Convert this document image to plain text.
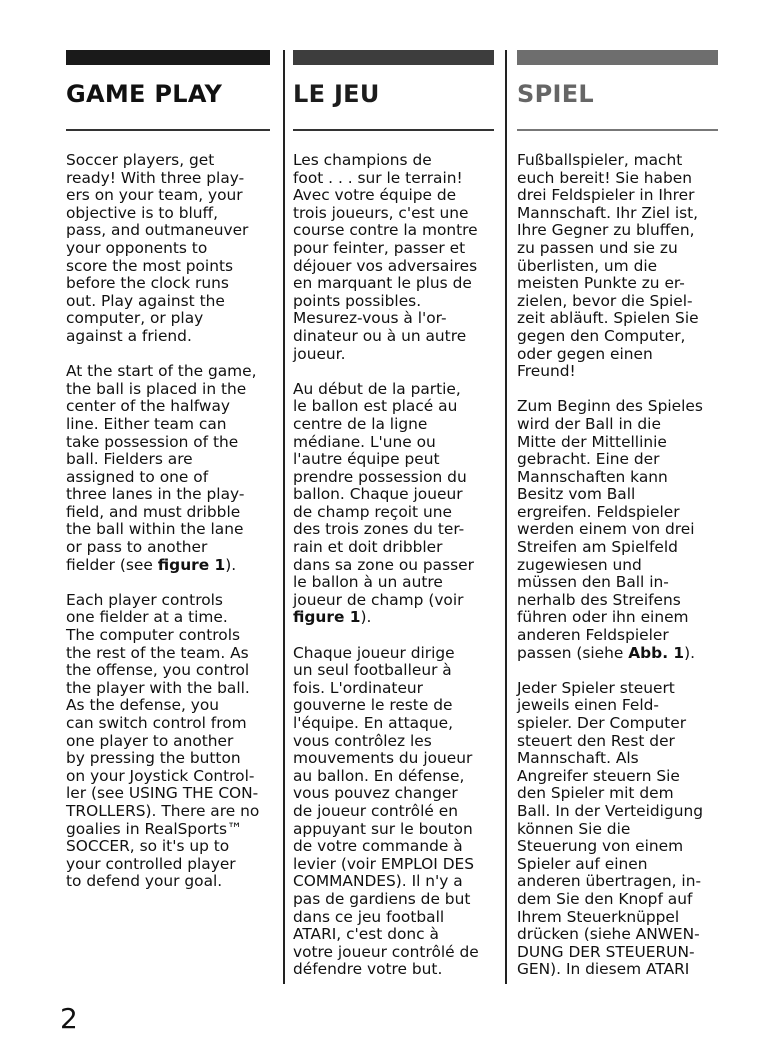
GAME PLAY
Soccer players, get
ready! With three play-
ers on your team, your
objective is to bluff,
pass, and outmaneuver
your opponents to
score the most points
before the clock runs
out. Play against the
computer, or play
against a friend.
At the start of the game,
the ball is placed in the
center of the halfway
line. Either team can
take possession of the
ball. Fielders are
assigned to one of
three lanes in the play-
field, and must dribble
the ball within the lane
or pass to another
fielder (see figure 1).
Each player controls
one fielder at a time.
The computer controls
the rest of the team. As
the offense, you control
the player with the ball.
As the defense, you
can switch control from
one player to another
by pressing the button
on your Joystick Control-
ler (see USING THE CON-
TROLLERS). There are no
goalies in RealSports™
SOCCER, so it's up to
your controlled player
to defend your goal.
LE JEU
Les champions de
foot . . . sur le terrain!
Avec votre équipe de
trois joueurs, c'est une
course contre la montre
pour feinter, passer et
déjouer vos adversaires
en marquant le plus de
points possibles.
Mesurez-vous à l'or-
dinateur ou à un autre
joueur.
Au début de la partie,
le ballon est placé au
centre de la ligne
médiane. L'une ou
l'autre équipe peut
prendre possession du
ballon. Chaque joueur
de champ reçoit une
des trois zones du ter-
rain et doit dribbler
dans sa zone ou passer
le ballon à un autre
joueur de champ (voir
figure 1).
Chaque joueur dirige
un seul footballeur à
fois. L'ordinateur
gouverne le reste de
l'équipe. En attaque,
vous contrôlez les
mouvements du joueur
au ballon. En défense,
vous pouvez changer
de joueur contrôlé en
appuyant sur le bouton
de votre commande à
levier (voir EMPLOI DES
COMMANDES). Il n'y a
pas de gardiens de but
dans ce jeu football
ATARI, c'est donc à
votre joueur contrôlé de
défendre votre but.
SPIEL
Fußballspieler, macht
euch bereit! Sie haben
drei Feldspieler in Ihrer
Mannschaft. Ihr Ziel ist,
Ihre Gegner zu bluffen,
zu passen und sie zu
überlisten, um die
meisten Punkte zu er-
zielen, bevor die Spiel-
zeit abläuft. Spielen Sie
gegen den Computer,
oder gegen einen
Freund!
Zum Beginn des Spieles
wird der Ball in die
Mitte der Mittellinie
gebracht. Eine der
Mannschaften kann
Besitz vom Ball
ergreifen. Feldspieler
werden einem von drei
Streifen am Spielfeld
zugewiesen und
müssen den Ball in-
nerhalb des Streifens
führen oder ihn einem
anderen Feldspieler
passen (siehe Abb. 1).
Jeder Spieler steuert
jeweils einen Feld-
spieler. Der Computer
steuert den Rest der
Mannschaft. Als
Angreifer steuern Sie
den Spieler mit dem
Ball. In der Verteidigung
können Sie die
Steuerung von einem
Spieler auf einen
anderen übertragen, in-
dem Sie den Knopf auf
Ihrem Steuerknüppel
drücken (siehe ANWEN-
DUNG DER STEUERUN-
GEN). In diesem ATARI
2
